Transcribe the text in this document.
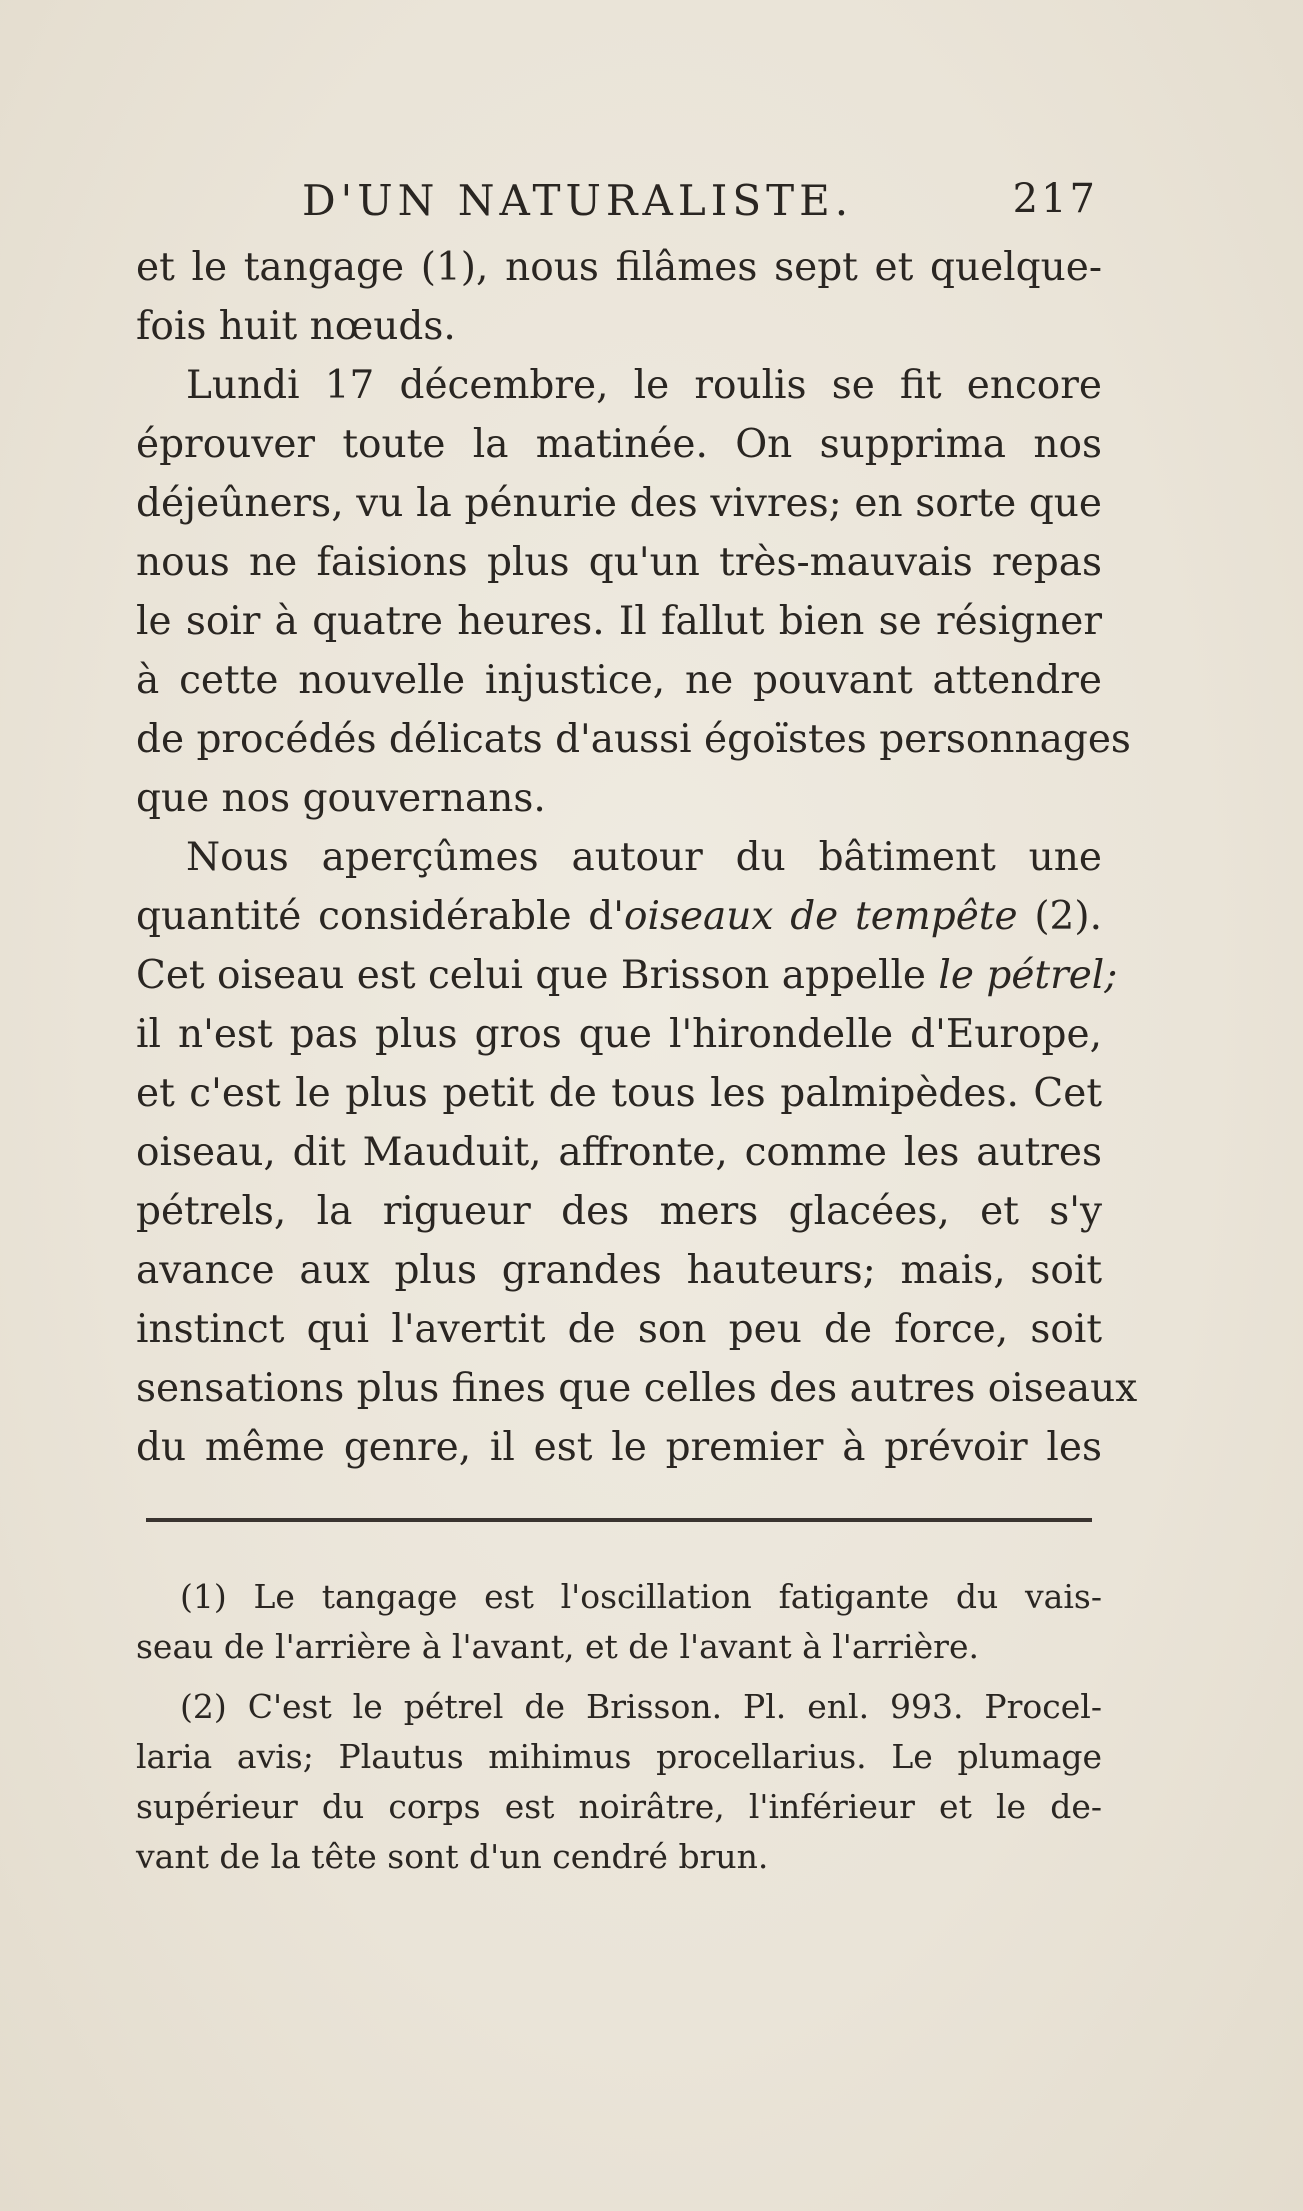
D'UN NATURALISTE.	217
et le tangage (1), nous filâmes sept et quelque-
fois huit nœuds.
Lundi 17 décembre, le roulis se fit encore
éprouver toute la matinée. On supprima nos
déjeûners, vu la pénurie des vivres; en sorte que
nous ne faisions plus qu'un très-mauvais repas
le soir à quatre heures. Il fallut bien se résigner
à cette nouvelle injustice, ne pouvant attendre
de procédés délicats d'aussi égoïstes personnages
que nos gouvernans.
Nous aperçûmes autour du bâtiment une
quantité considérable d'oiseaux de tempête (2).
Cet oiseau est celui que Brisson appelle le pétrel;
il n'est pas plus gros que l'hirondelle d'Europe,
et c'est le plus petit de tous les palmipèdes. Cet
oiseau, dit Mauduit, affronte, comme les autres
pétrels, la rigueur des mers glacées, et s'y
avance aux plus grandes hauteurs; mais, soit
instinct qui l'avertit de son peu de force, soit
sensations plus fines que celles des autres oiseaux
du même genre, il est le premier à prévoir les
(1) Le tangage est l'oscillation fatigante du vais-
seau de l'arrière à l'avant, et de l'avant à l'arrière.
(2) C'est le pétrel de Brisson. Pl. enl. 993. Procel-
laria avis; Plautus mihimus procellarius. Le plumage
supérieur du corps est noirâtre, l'inférieur et le de-
vant de la tête sont d'un cendré brun.
